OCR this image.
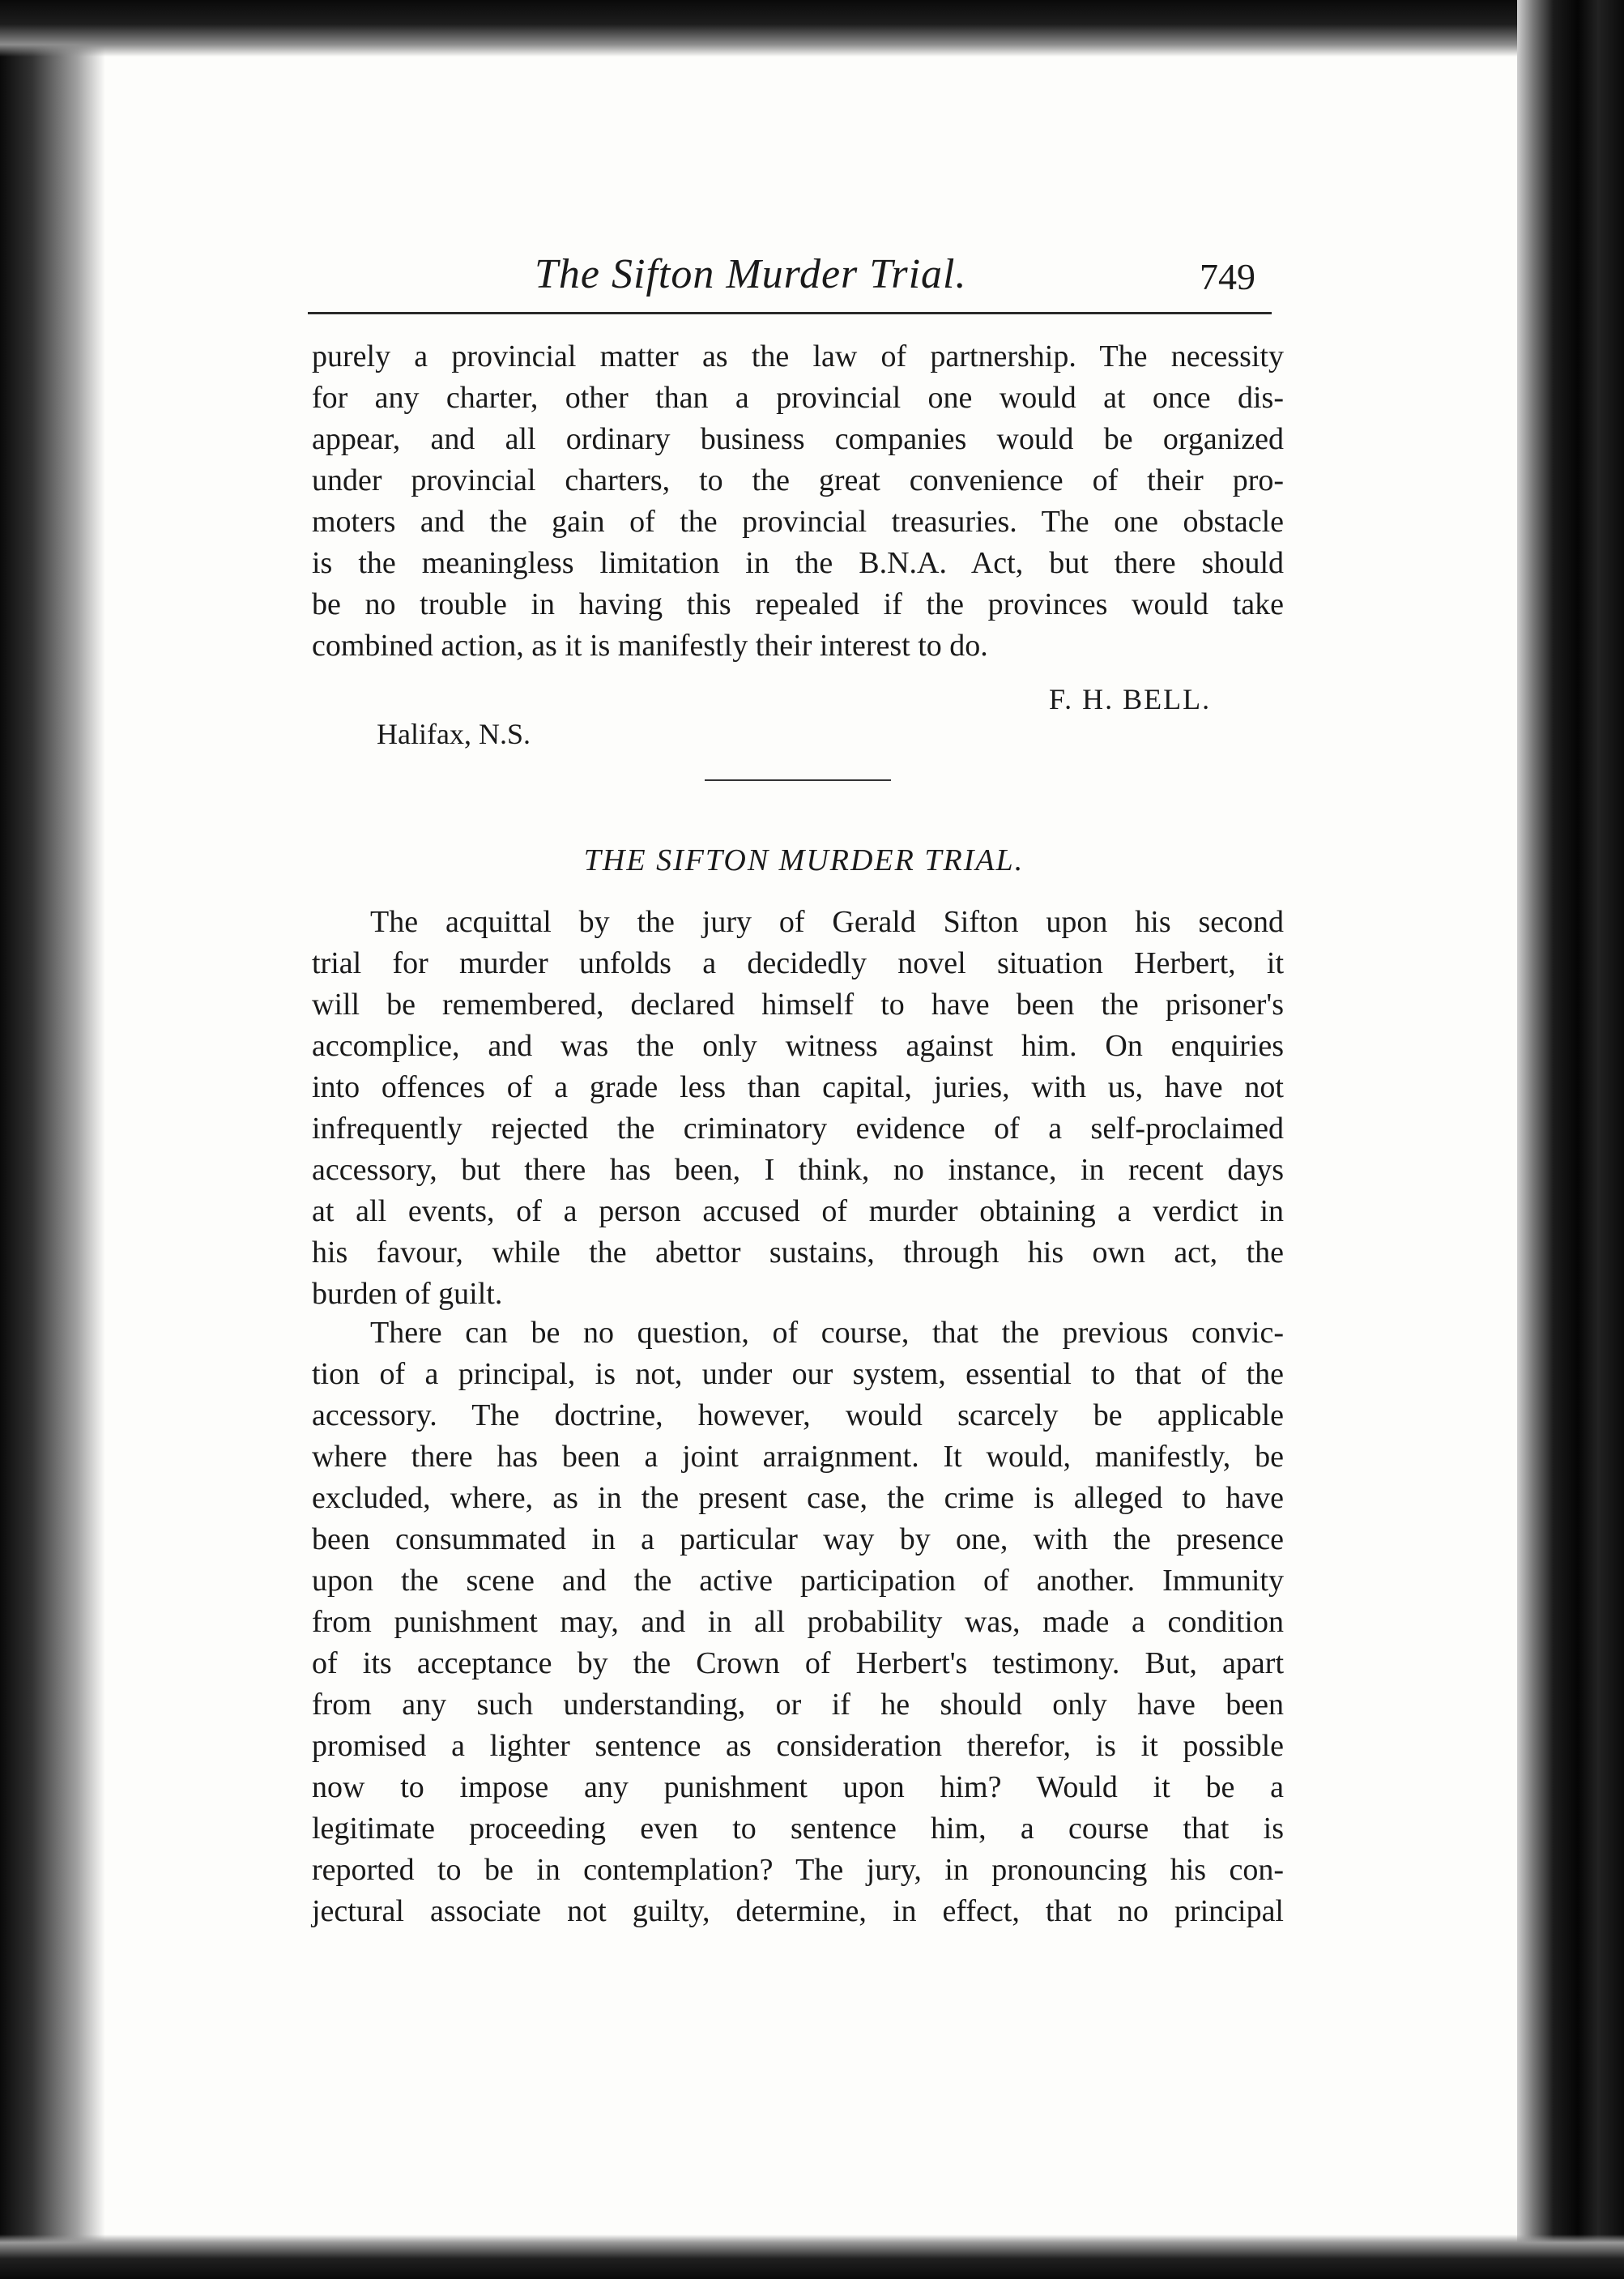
The Sifton Murder Trial.	749

purely a provincial matter as the law of partnership. The necessity
for any charter, other than a provincial one would at once dis-
appear, and all ordinary business companies would be organized
under provincial charters, to the great convenience of their pro-
moters and the gain of the provincial treasuries. The one obstacle
is the meaningless limitation in the B.N.A. Act, but there should
be no trouble in having this repealed if the provinces would take
combined action, as it is manifestly their interest to do.

F. H. BELL.
Halifax, N.S.
THE SIFTON MURDER TRIAL.

The acquittal by the jury of Gerald Sifton upon his second
trial for murder unfolds a decidedly novel situation Herbert, it
will be remembered, declared himself to have been the prisoner's
accomplice, and was the only witness against him. On enquiries
into offences of a grade less than capital, juries, with us, have not
infrequently rejected the criminatory evidence of a self-proclaimed
accessory, but there has been, I think, no instance, in recent days
at all events, of a person accused of murder obtaining a verdict in
his favour, while the abettor sustains, through his own act, the
burden of guilt.

There can be no question, of course, that the previous convic-
tion of a principal, is not, under our system, essential to that of the
accessory. The doctrine, however, would scarcely be applicable
where there has been a joint arraignment. It would, manifestly, be
excluded, where, as in the present case, the crime is alleged to have
been consummated in a particular way by one, with the presence
upon the scene and the active participation of another. Immunity
from punishment may, and in all probability was, made a condition
of its acceptance by the Crown of Herbert's testimony. But, apart
from any such understanding, or if he should only have been
promised a lighter sentence as consideration therefor, is it possible
now to impose any punishment upon him? Would it be a
legitimate proceeding even to sentence him, a course that is
reported to be in contemplation? The jury, in pronouncing his con-
jectural associate not guilty, determine, in effect, that no principal
